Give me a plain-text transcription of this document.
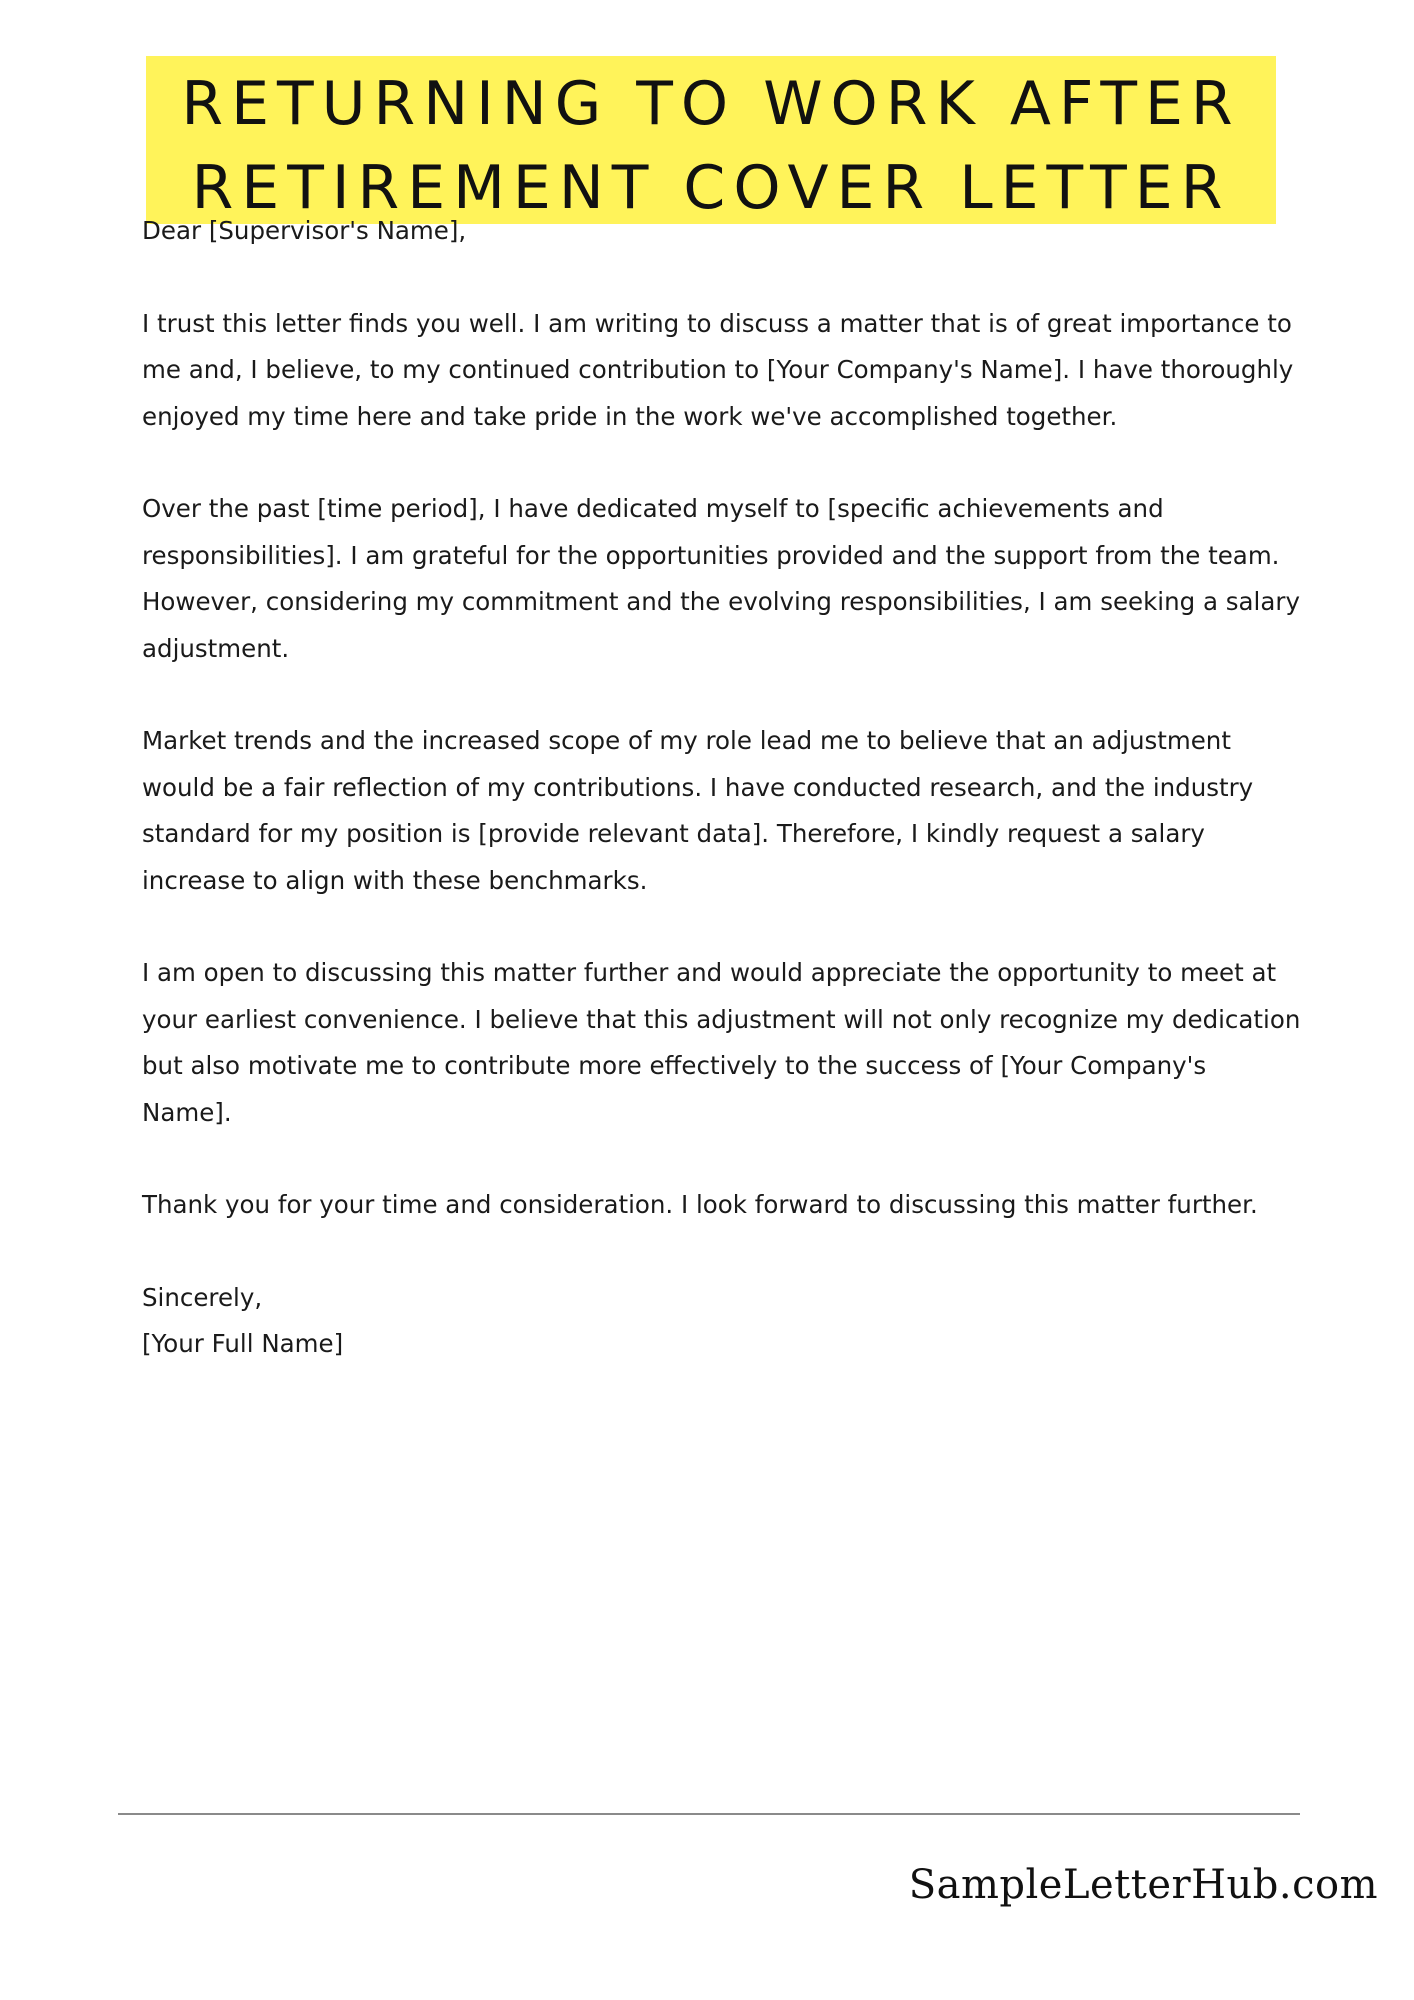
RETURNING TO WORK AFTER
RETIREMENT COVER LETTER

Dear [Supervisor's Name],

I trust this letter finds you well. I am writing to discuss a matter that is of great importance to me and, I believe, to my continued contribution to [Your Company's Name]. I have thoroughly enjoyed my time here and take pride in the work we've accomplished together.

Over the past [time period], I have dedicated myself to [specific achievements and responsibilities]. I am grateful for the opportunities provided and the support from the team. However, considering my commitment and the evolving responsibilities, I am seeking a salary adjustment.

Market trends and the increased scope of my role lead me to believe that an adjustment would be a fair reflection of my contributions. I have conducted research, and the industry standard for my position is [provide relevant data]. Therefore, I kindly request a salary increase to align with these benchmarks.

I am open to discussing this matter further and would appreciate the opportunity to meet at your earliest convenience. I believe that this adjustment will not only recognize my dedication but also motivate me to contribute more effectively to the success of [Your Company's Name].

Thank you for your time and consideration. I look forward to discussing this matter further.

Sincerely,
[Your Full Name]
SampleLetterHub.com
